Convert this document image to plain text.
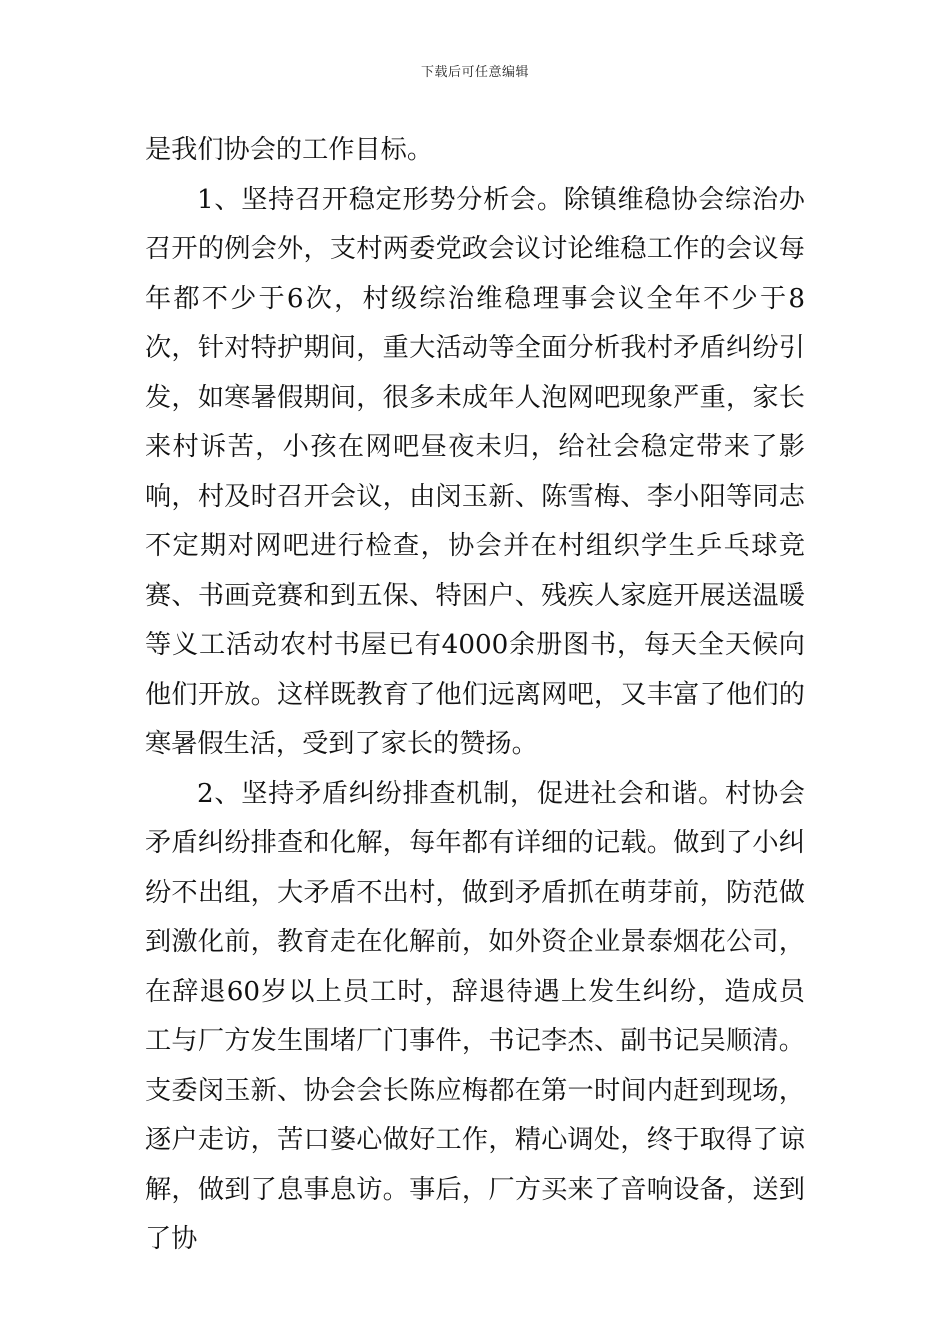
下载后可任意编辑

是我们协会的工作目标。

1、坚持召开稳定形势分析会。除镇维稳协会综治办召开的例会外，支村两委党政会议讨论维稳工作的会议每年都不少于6次，村级综治维稳理事会议全年不少于8次，针对特护期间，重大活动等全面分析我村矛盾纠纷引发，如寒暑假期间，很多未成年人泡网吧现象严重，家长来村诉苦，小孩在网吧昼夜未归，给社会稳定带来了影响，村及时召开会议，由闵玉新、陈雪梅、李小阳等同志不定期对网吧进行检查，协会并在村组织学生乒乓球竞赛、书画竞赛和到五保、特困户、残疾人家庭开展送温暖等义工活动农村书屋已有4000余册图书，每天全天候向他们开放。这样既教育了他们远离网吧，又丰富了他们的寒暑假生活，受到了家长的赞扬。

2、坚持矛盾纠纷排查机制，促进社会和谐。村协会矛盾纠纷排查和化解，每年都有详细的记载。做到了小纠纷不出组，大矛盾不出村，做到矛盾抓在萌芽前，防范做到激化前，教育走在化解前，如外资企业景泰烟花公司，在辞退60岁以上员工时，辞退待遇上发生纠纷，造成员工与厂方发生围堵厂门事件，书记李杰、副书记吴顺清。支委闵玉新、协会会长陈应梅都在第一时间内赶到现场，逐户走访，苦口婆心做好工作，精心调处，终于取得了谅解，做到了息事息访。事后，厂方买来了音响设备，送到了协
